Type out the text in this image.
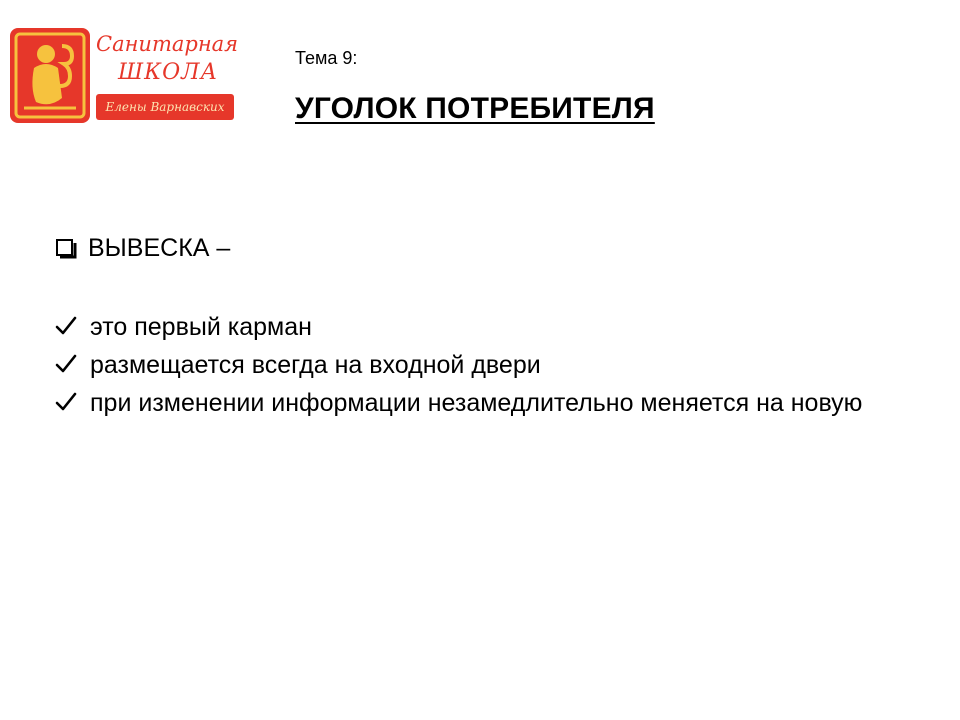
Санитарная
ШКОЛА
Елены Варнавских
Тема 9:
УГОЛОК ПОТРЕБИТЕЛЯ
ВЫВЕСКА –
это первый карман
размещается всегда на входной двери
при изменении информации незамедлительно меняется на новую
